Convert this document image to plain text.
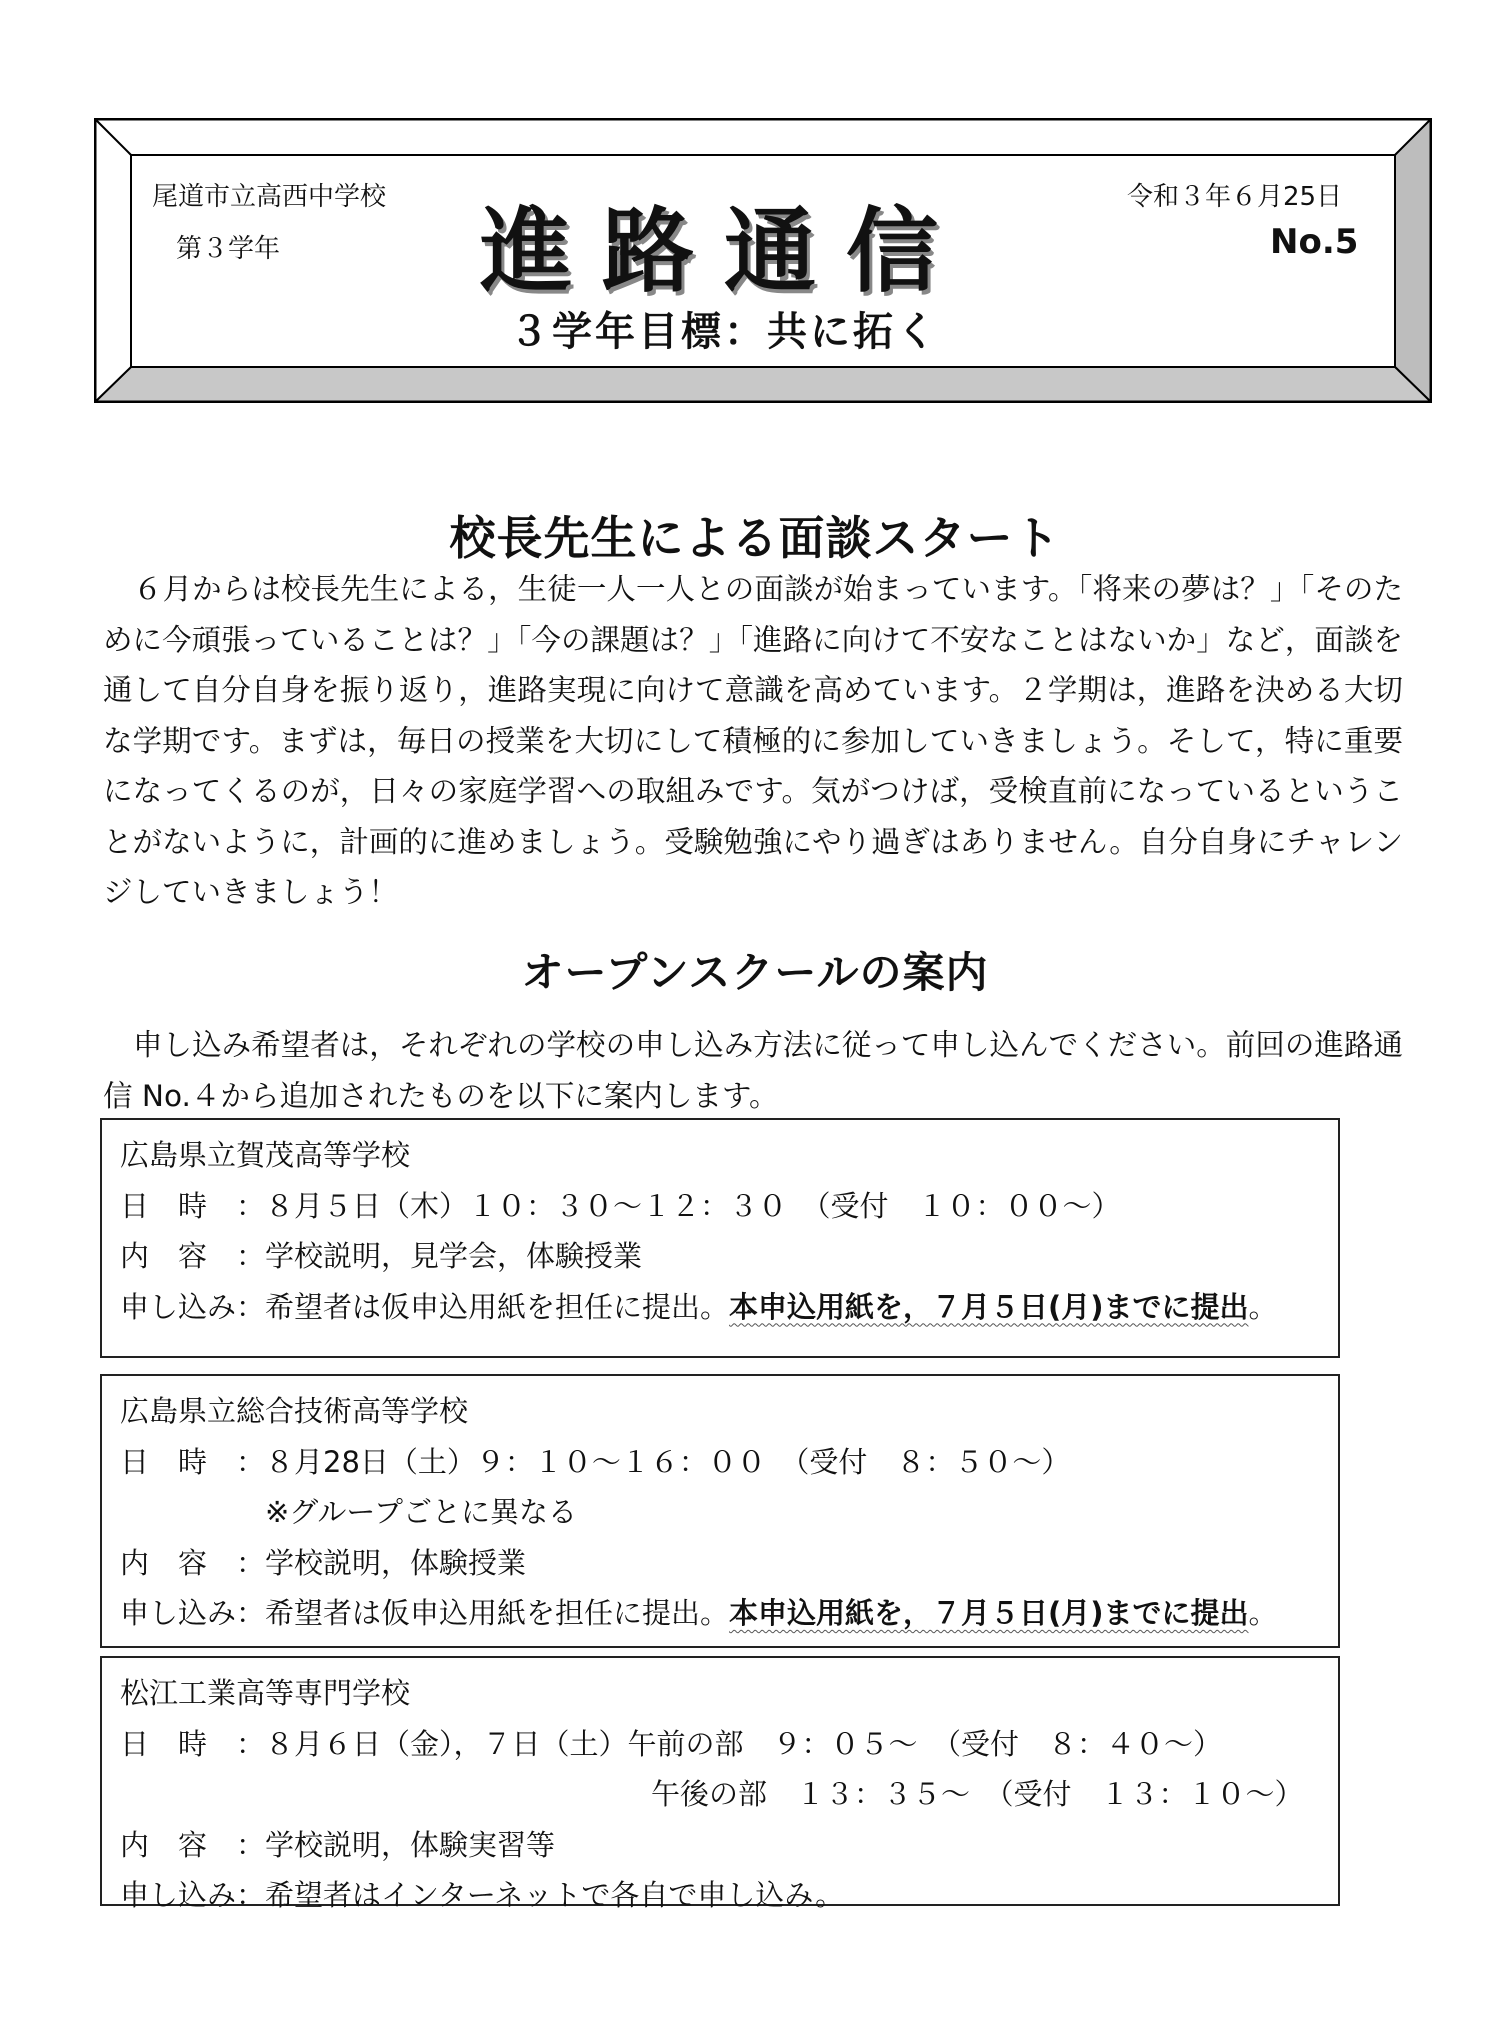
尾道市立高西中学校

第３学年

令和３年６月25日

No.5

進路通信
３学年目標：共に拓く
校長先生による面談スタート

６月からは校長先生による，生徒一人一人との面談が始まっています。「将来の夢は？」「そのために今頑張っていることは？」「今の課題は？」「進路に向けて不安なことはないか」など，面談を通して自分自身を振り返り，進路実現に向けて意識を高めています。２学期は，進路を決める大切な学期です。まずは，毎日の授業を大切にして積極的に参加していきましょう。そして，特に重要になってくるのが，日々の家庭学習への取組みです。気がつけば，受検直前になっているということがないように，計画的に進めましょう。受験勉強にやり過ぎはありません。自分自身にチャレンジしていきましょう！

オープンスクールの案内

申し込み希望者は，それぞれの学校の申し込み方法に従って申し込んでください。前回の進路通信 No.４から追加されたものを以下に案内します。

広島県立賀茂高等学校

日　時　： ８月５日（木）１０：３０～１２：３０　（受付　１０：００～）

内　容　： 学校説明，見学会，体験授業

申し込み： 希望者は仮申込用紙を担任に提出。本申込用紙を，７月５日(月)までに提出。

広島県立総合技術高等学校

日　時　： ８月28日（土）９：１０～１６：００　（受付　８：５０～）

※グループごとに異なる

内　容　： 学校説明，体験授業

申し込み： 希望者は仮申込用紙を担任に提出。本申込用紙を，７月５日(月)までに提出。

松江工業高等専門学校

日　時　： ８月６日（金），７日（土）午前の部　９：０５～　（受付　８：４０～）

午後の部　１３：３５～　（受付　１３：１０～）

内　容　： 学校説明，体験実習等

申し込み： 希望者はインターネットで各自で申し込み。
